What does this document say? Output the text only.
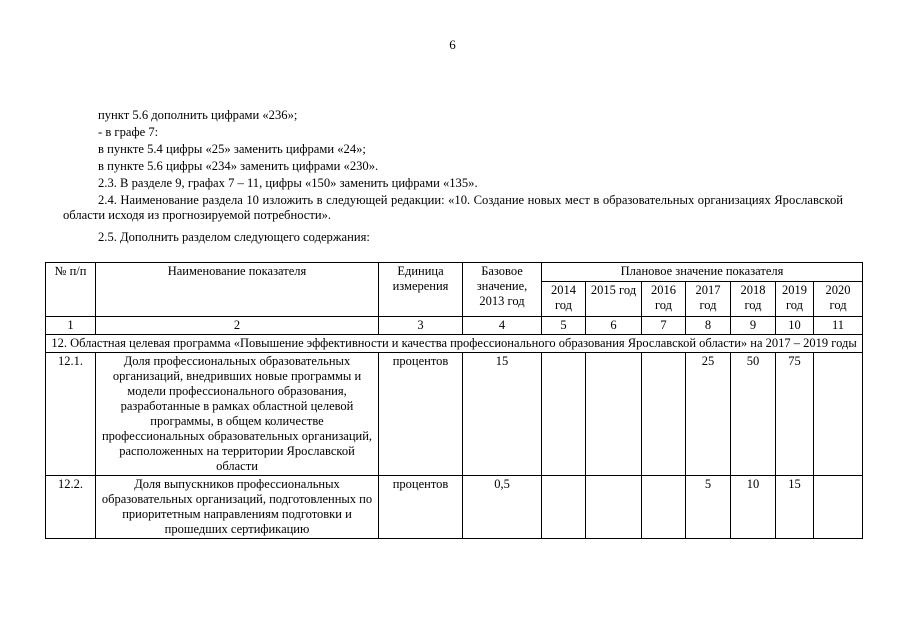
6
пункт 5.6 дополнить цифрами «236»;
- в графе 7:
в пункте 5.4 цифры «25» заменить цифрами «24»;
в пункте 5.6 цифры «234» заменить цифрами «230».
2.3. В разделе 9, графах 7 – 11, цифры «150» заменить цифрами «135».
2.4. Наименование раздела 10 изложить в следующей редакции: «10. Создание новых мест в образовательных организациях Ярославской области исходя из прогнозируемой потребности».
2.5. Дополнить разделом следующего содержания:
№ п/п	Наименование показателя	Единица измерения	Базовое значение, 2013 год	Плановое значение показателя						
				2014 год	2015 год	2016 год	2017 год	2018 год	2019 год	2020 год
1	2	3	4	5	6	7	8	9	10	11
12. Областная целевая программа «Повышение эффективности и качества профессионального образования Ярославской области» на 2017 – 2019 годы										
12.1.	Доля профессиональных образовательных организаций, внедривших новые программы и модели профессионального образования, разработанные в рамках областной целевой программы, в общем количестве профессиональных образовательных организаций, расположенных на территории Ярославской области	процентов	15				25	50	75	
12.2.	Доля выпускников профессиональных образовательных организаций, подготовленных по приоритетным направлениям подготовки и прошедших сертификацию	процентов	0,5				5	10	15	
